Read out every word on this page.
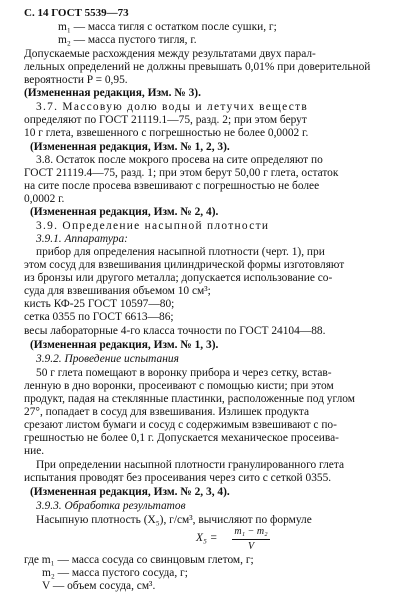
С. 14 ГОСТ 5539—73
m₁ — масса тигля с остатком после сушки, г;
m₂ — масса пустого тигля, г.
Допускаемые расхождения между результатами двух парал-
лельных определений не должны превышать 0,01% при доверительной
вероятности P = 0,95.
(Измененная редакция, Изм. № 3).
3.7. Массовую долю воды и летучих веществ
определяют по ГОСТ 21119.1—75, разд. 2; при этом берут
10 г глета, взвешенного с погрешностью не более 0,0002 г.
(Измененная редакция, Изм. № 1, 2, 3).
3.8. Остаток после мокрого просева на сите определяют по
ГОСТ 21119.4—75, разд. 1; при этом берут 50,00 г глета, остаток
на сите после просева взвешивают с погрешностью не более
0,0002 г.
(Измененная редакция, Изм. № 2, 4).
3.9. Определение насыпной плотности
3.9.1. Аппаратура:
прибор для определения насыпной плотности (черт. 1), при
этом сосуд для взвешивания цилиндрической формы изготовляют
из бронзы или другого металла; допускается использование со-
суда для взвешивания объемом 10 см³;
кисть КФ-25 ГОСТ 10597—80;
сетка 0355 по ГОСТ 6613—86;
весы лабораторные 4-го класса точности по ГОСТ 24104—88.
(Измененная редакция, Изм. № 1, 3).
3.9.2. Проведение испытания
50 г глета помещают в воронку прибора и через сетку, встав-
ленную в дно воронки, просеивают с помощью кисти; при этом
продукт, падая на стеклянные пластинки, расположенные под углом
27°, попадает в сосуд для взвешивания. Излишек продукта
срезают листом бумаги и сосуд с содержимым взвешивают с по-
грешностью не более 0,1 г. Допускается механическое просеива-
ние.
При определении насыпной плотности гранулированного глета
испытания проводят без просеивания через сито с сеткой 0355.
(Измененная редакция, Изм. № 2, 3, 4).
3.9.3. Обработка результатов
Насыпную плотность (X₅), г/см³, вычисляют по формуле
где m₁ — масса сосуда со свинцовым глетом, г;
m₂ — масса пустого сосуда, г;
V — объем сосуда, см³.
X₅ =
m₁ − m₂
V
